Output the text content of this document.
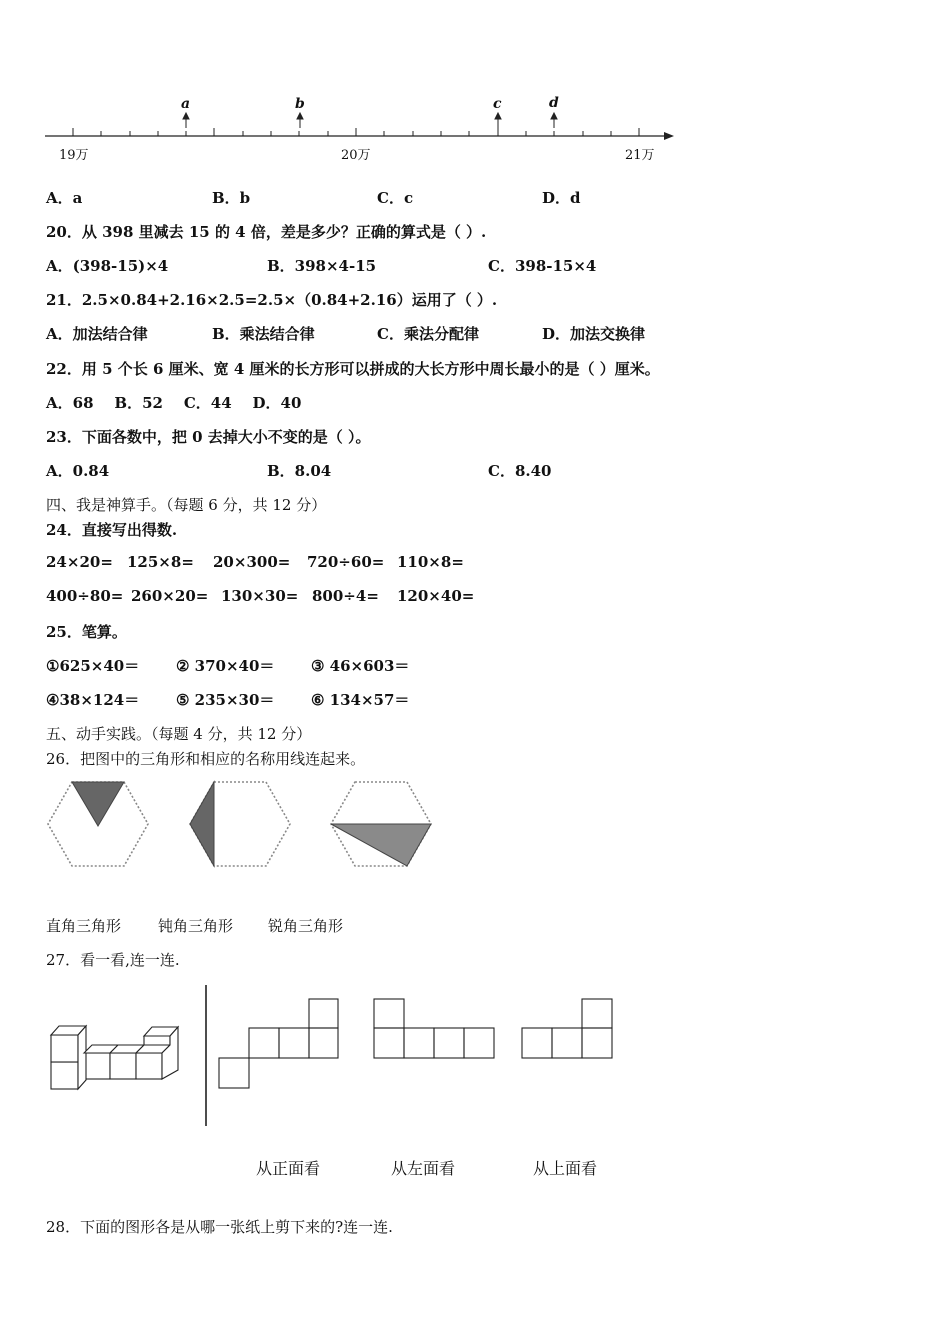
a	b	c	d
19万	20万	21万
A．a	B．b	C．c	D．d
20．从 398 里减去 15 的 4 倍，差是多少？正确的算式是（ ）.
A．(398-15)×4	B．398×4-15	C．398-15×4
21．2.5×0.84+2.16×2.5=2.5×（0.84+2.16）运用了（ ）.
A．加法结合律	B．乘法结合律	C．乘法分配律	D．加法交换律
22．用 5 个长 6 厘米、宽 4 厘米的长方形可以拼成的大长方形中周长最小的是（ ）厘米。
A．68    B．52    C．44    D．40
23．下面各数中，把 0 去掉大小不变的是（ ）。
A．0.84	B．8.04	C．8.40
四、我是神算手。（每题 6 分，共 12 分）
24．直接写出得数.
24×20= 125×8= 20×300= 720÷60= 110×8=
400÷80= 260×20= 130×30= 800÷4= 120×40=
25．笔算。
①625×40＝ ② 370×40＝ ③ 46×603＝
④38×124＝ ⑤ 235×30＝ ⑥ 134×57＝
五、动手实践。（每题 4 分，共 12 分）
26．把图中的三角形和相应的名称用线连起来。
直角三角形 钝角三角形 锐角三角形
27．看一看,连一连.
从正面看	从左面看	从上面看
28．下面的图形各是从哪一张纸上剪下来的?连一连.
